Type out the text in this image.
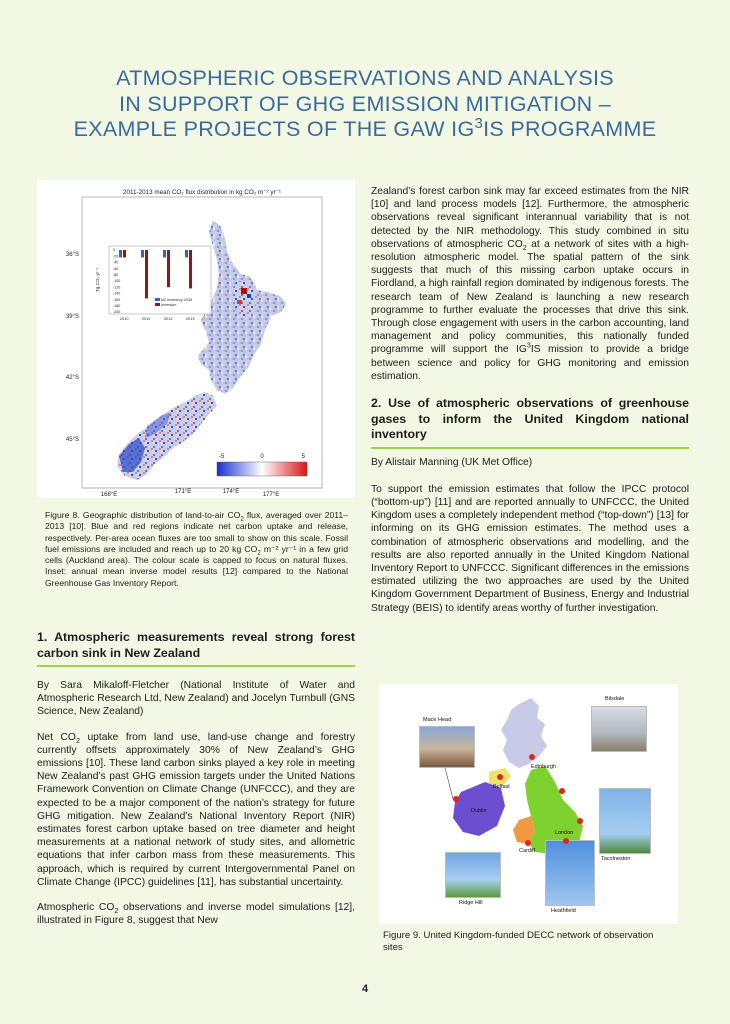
ATMOSPHERIC OBSERVATIONS AND ANALYSIS
IN SUPPORT OF GHG EMISSION MITIGATION –
EXAMPLE PROJECTS OF THE GAW $IG^3IS$ PROGRAMME
2011-2013 mean CO₂ flux distribution in kg CO₂ m⁻² yr⁻¹
36°S
39°S
42°S
45°S
168°E	171°E	174°E	177°E
-5	0	5
Tg CO₂ yr⁻¹
0
-20
-40
-60
-80
-100
-120
-140
-160
-180
-200
2010	2011	2012	2013
NZ Inventory 2015
Inversion
Figure 8. Geographic distribution of land-to-air $CO_2$ flux, averaged over 2011–2013 [10]. Blue and red regions indicate net carbon uptake and release, respectively. Per-area ocean fluxes are too small to show on this scale. Fossil fuel emissions are included and reach up to 20 kg $CO_2$ m⁻² yr⁻¹ in a few grid cells (Auckland area). The colour scale is capped to focus on natural fluxes. Inset: annual mean inverse model results [12] compared to the National Greenhouse Gas Inventory Report.
1. Atmospheric measurements reveal strong forest carbon sink in New Zealand

By Sara Mikaloff-Fletcher (National Institute of Water and Atmospheric Research Ltd, New Zealand) and Jocelyn Turnbull (GNS Science, New Zealand)

Net $CO_2$ uptake from land use, land-use change and forestry currently offsets approximately 30% of New Zealand’s GHG emissions [10]. These land carbon sinks played a key role in meeting New Zealand’s past GHG emission targets under the United Nations Framework Convention on Climate Change (UNFCCC), and they are expected to be a major component of the nation’s strategy for future GHG mitigation. New Zealand’s National Inventory Report (NIR) estimates forest carbon uptake based on tree diameter and height measurements at a national network of study sites, and allometric equations that infer carbon mass from these measurements. This approach, which is required by current Intergovernmental Panel on Climate Change (IPCC) guidelines [11], has substantial uncertainty.

Atmospheric $CO_2$ observations and inverse model simulations [12], illustrated in Figure 8, suggest that New

Zealand’s forest carbon sink may far exceed estimates from the NIR [10] and land process models [12]. Furthermore, the atmospheric observations reveal significant interannual variability that is not detected by the NIR methodology. This study combined in situ observations of atmospheric $CO_2$ at a network of sites with a high-resolution atmospheric model. The spatial pattern of the sink suggests that much of this missing carbon uptake occurs in Fiordland, a high rainfall region dominated by indigenous forests. The research team of New Zealand is launching a new research programme to further evaluate the processes that drive this sink. Through close engagement with users in the carbon accounting, land management and policy communities, this nationally funded programme will support the $IG^3IS$ mission to provide a bridge between science and policy for GHG monitoring and emission estimation.

2. Use of atmospheric observations of greenhouse gases to inform the United Kingdom national inventory

By Alistair Manning (UK Met Office)

To support the emission estimates that follow the IPCC protocol (“bottom-up”) [11] and are reported annually to UNFCCC, the United Kingdom uses a completely independent method (“top-down”) [13] for informing on its GHG emission estimates. The method uses a combination of atmospheric observations and modelling, and the results are also reported annually in the United Kingdom National Inventory Report to UNFCCC. Significant differences in the emissions estimated utilizing the two approaches are used by the United Kingdom Government Department of Business, Energy and Industrial Strategy (BEIS) to identify areas worthy of further investigation.

Bilsdale
Mace Head
Edinburgh
Belfast
Dublin
Cardiff
London
Tacolneston
Ridge Hill
Heathfield
Figure 9. United Kingdom-funded DECC network of observation sites
4
